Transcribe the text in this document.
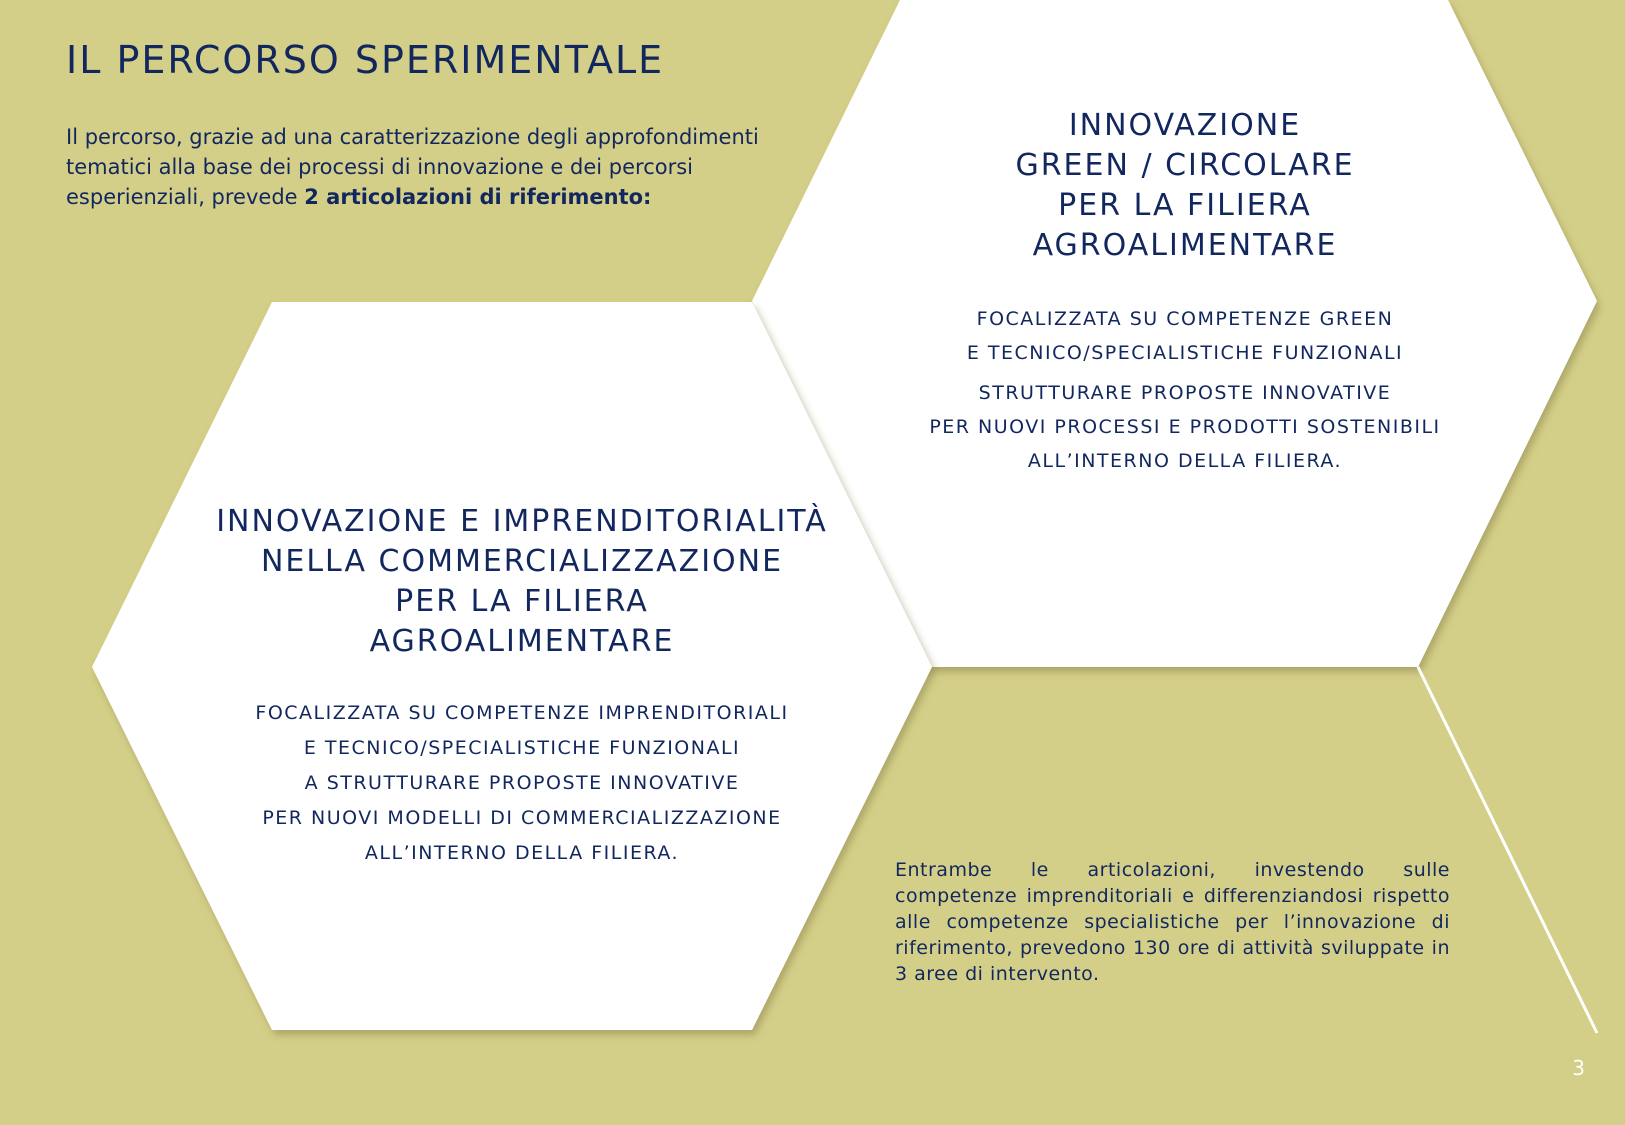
IL PERCORSO SPERIMENTALE

Il percorso, grazie ad una caratterizzazione degli approfondimenti tematici alla base dei processi di innovazione e dei percorsi esperienziali, prevede 2 articolazioni di riferimento:

INNOVAZIONE
GREEN / CIRCOLARE
PER LA FILIERA
AGROALIMENTARE

FOCALIZZATA SU COMPETENZE GREEN

E TECNICO/SPECIALISTICHE FUNZIONALI

STRUTTURARE PROPOSTE INNOVATIVE

PER NUOVI PROCESSI E PRODOTTI SOSTENIBILI

ALL’INTERNO DELLA FILIERA.

INNOVAZIONE E IMPRENDITORIALITÀ
NELLA COMMERCIALIZZAZIONE
PER LA FILIERA
AGROALIMENTARE

FOCALIZZATA SU COMPETENZE IMPRENDITORIALI

E TECNICO/SPECIALISTICHE FUNZIONALI

A STRUTTURARE PROPOSTE INNOVATIVE

PER NUOVI MODELLI DI COMMERCIALIZZAZIONE

ALL’INTERNO DELLA FILIERA.

Entrambe le articolazioni, investendo sulle competenze imprenditoriali e differenziandosi rispetto alle competenze specialistiche per l’innovazione di riferimento, prevedono 130 ore di attività sviluppate in 3 aree di intervento.

3
